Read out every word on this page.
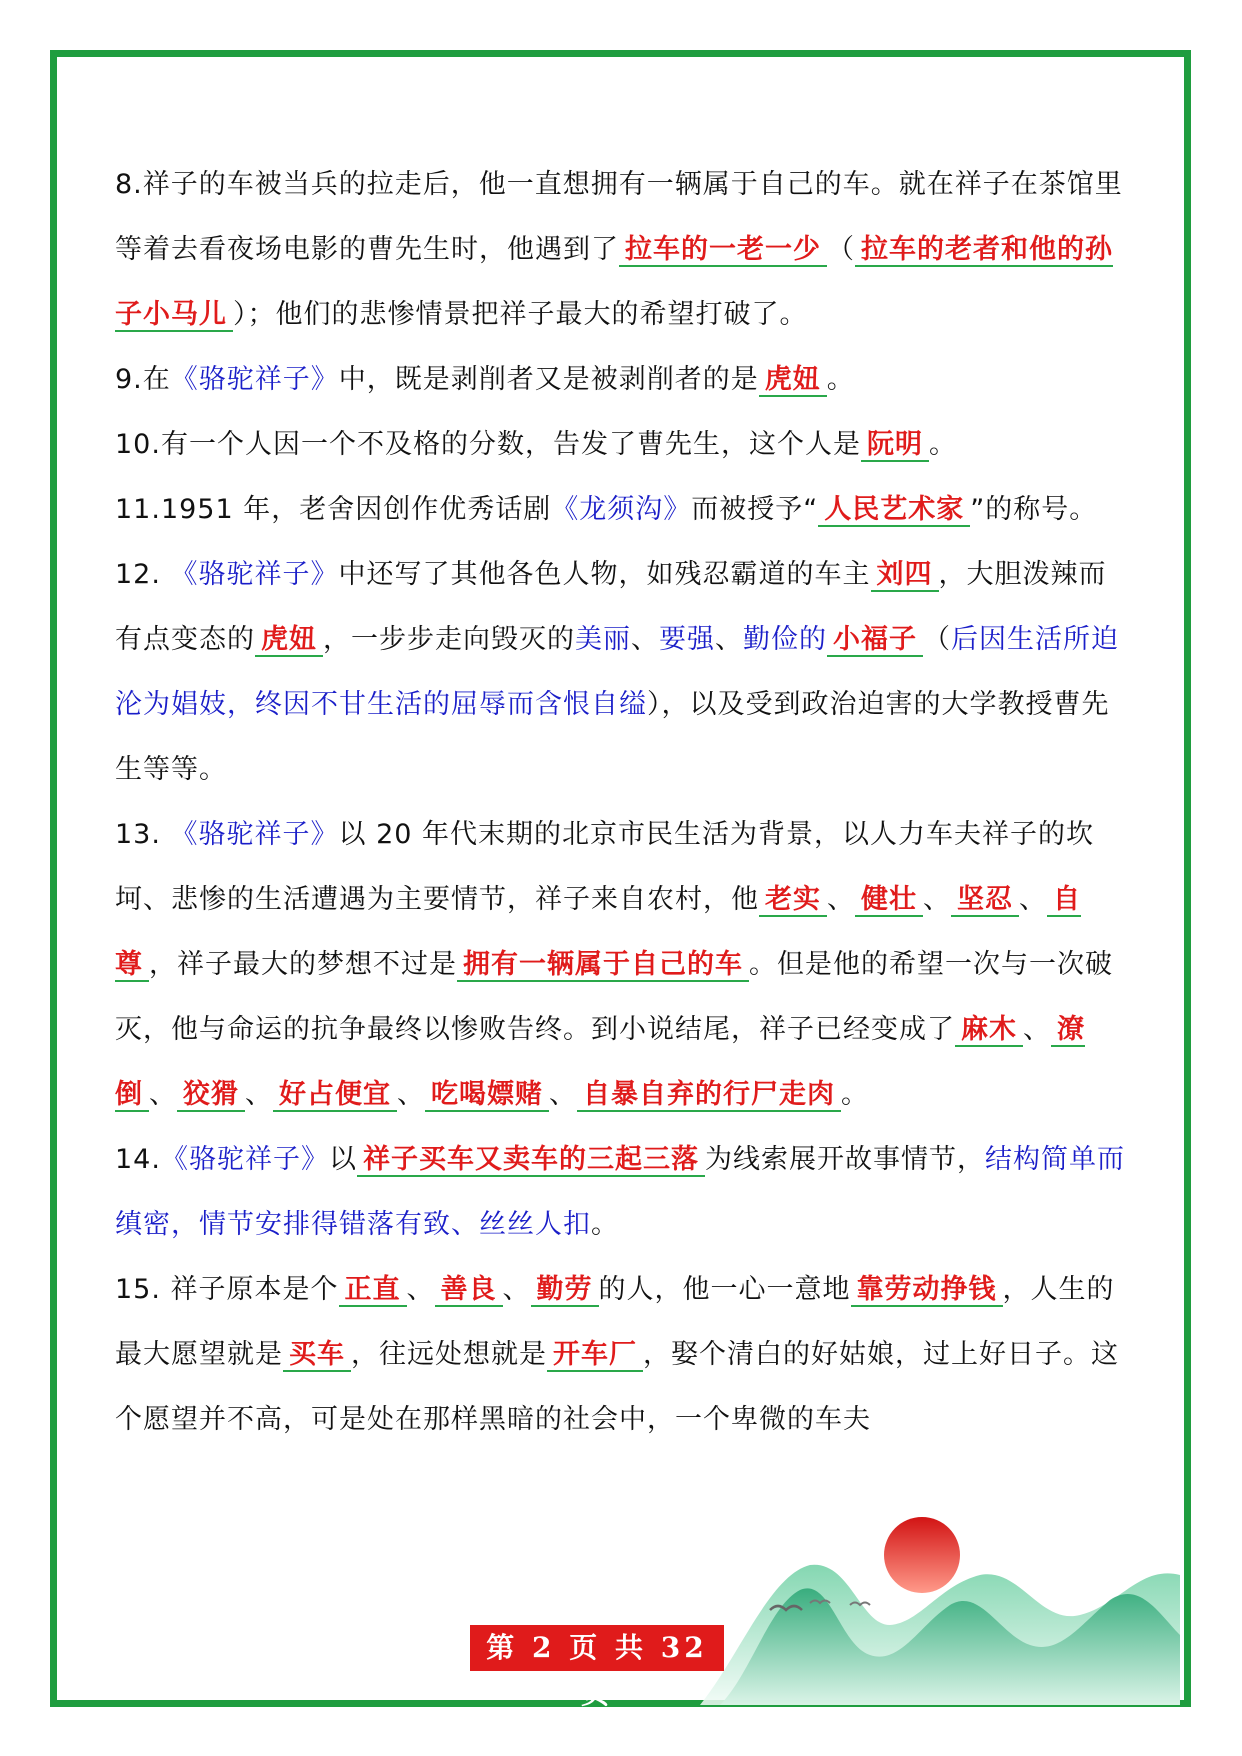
8.祥子的车被当兵的拉走后，他一直想拥有一辆属于自己的车。就在祥子在茶馆里等着去看夜场电影的曹先生时，他遇到了 拉车的一老一少 （ 拉车的老者和他的孙子小马儿 ）；他们的悲惨情景把祥子最大的希望打破了。

9.在《骆驼祥子》中，既是剥削者又是被剥削者的是 虎妞 。

10.有一个人因一个不及格的分数，告发了曹先生，这个人是 阮明 。

11.1951 年，老舍因创作优秀话剧《龙须沟》而被授予“ 人民艺术家 ”的称号。

12. 《骆驼祥子》中还写了其他各色人物，如残忍霸道的车主 刘四 ，大胆泼辣而有点变态的 虎妞 ，一步步走向毁灭的美丽、要强、勤俭的 小福子 （后因生活所迫沦为娼妓，终因不甘生活的屈辱而含恨自缢），以及受到政治迫害的大学教授曹先生等等。

13. 《骆驼祥子》以 20 年代末期的北京市民生活为背景，以人力车夫祥子的坎坷、悲惨的生活遭遇为主要情节，祥子来自农村，他 老实 、 健壮 、 坚忍 、 自尊 ，祥子最大的梦想不过是 拥有一辆属于自己的车 。但是他的希望一次与一次破灭，他与命运的抗争最终以惨败告终。到小说结尾，祥子已经变成了 麻木 、 潦倒 、 狡猾 、 好占便宜 、 吃喝嫖赌 、 自暴自弃的行尸走肉 。

14.《骆驼祥子》以 祥子买车又卖车的三起三落 为线索展开故事情节，结构简单而缜密，情节安排得错落有致、丝丝人扣。

15. 祥子原本是个 正直 、 善良 、 勤劳 的人，他一心一意地 靠劳动挣钱 ，人生的最大愿望就是 买车 ，往远处想就是 开车厂 ，娶个清白的好姑娘，过上好日子。这个愿望并不高，可是处在那样黑暗的社会中，一个卑微的车夫

第 2 页 共 32 页
